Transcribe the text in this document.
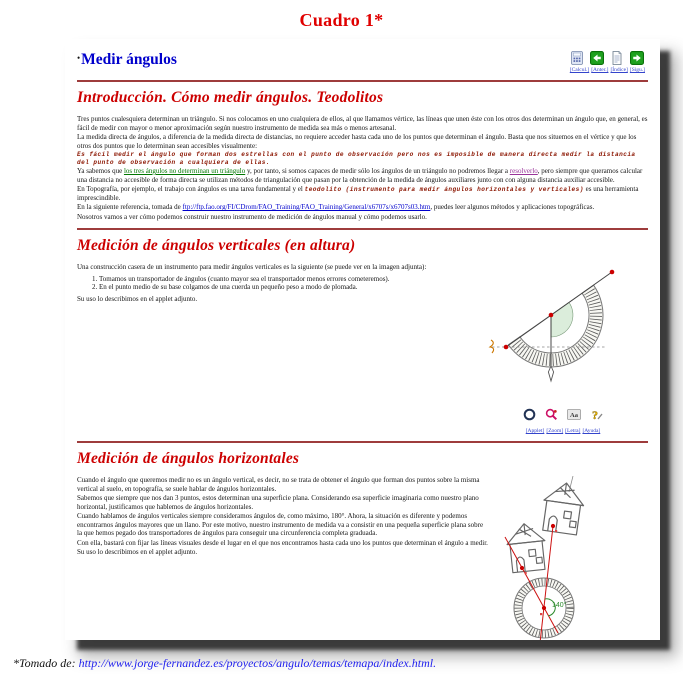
Cuadro 1*
•Medir ángulos
[Calcul.] [Anter.] [Índice] [Sigu.]
Introducción. Cómo medir ángulos. Teodolitos

Tres puntos cualesquiera determinan un triángulo. Si nos colocamos en uno cualquiera de ellos, al que llamamos vértice, las líneas que unen éste con los otros dos determinan un ángulo que, en general, es fácil de medir con mayor o menor aproximación según nuestro instrumento de medida sea más o menos artesanal.

La medida directa de ángulos, a diferencia de la medida directa de distancias, no requiere acceder hasta cada uno de los puntos que determinan el ángulo. Basta que nos situemos en el vértice y que los otros dos puntos que lo determinan sean accesibles visualmente:

Es fácil medir el ángulo que forman dos estrellas con el punto de observación pero nos es imposible de manera directa medir la distancia del punto de observación a cualquiera de ellas.

Ya sabemos que los tres ángulos no determinan un triángulo y, por tanto, si somos capaces de medir sólo los ángulos de un triángulo no podremos llegar a resolverlo, pero siempre que queramos calcular una distancia no accesible de forma directa se utilizan métodos de triangulación que pasan por la obtención de la medida de ángulos auxiliares junto con con alguna distancia auxiliar accesible.

En Topografía, por ejemplo, el trabajo con ángulos es una tarea fundamental y el teodolito (instrumento para medir ángulos horizontales y verticales) es una herramienta imprescindible.

En la siguiente referencia, tomada de ftp://ftp.fao.org/FI/CDrom/FAO_Training/FAO_Training/General/x6707s/x6707s03.htm, puedes leer algunos métodos y aplicaciones topográficas.

Nosotros vamos a ver cómo podemos construir nuestro instrumento de medición de ángulos manual y cómo podemos usarlo.

Medición de ángulos verticales (en altura)

Una construcción casera de un instrumento para medir ángulos verticales es la siguiente (se puede ver en la imagen adjunta):

1. Tomamos un transportador de ángulos (cuanto mayor sea el transportador menos errores cometeremos).
2. En el punto medio de su base colgamos de una cuerda un pequeño peso a modo de plomada.

Su uso lo describimos en el applet adjunto.

Aa ?
[Applet] [Zoom] [Letra] [Ayuda]
Medición de ángulos horizontales

Cuando el ángulo que queremos medir no es un ángulo vertical, es decir, no se trata de obtener el ángulo que forman dos puntos sobre la misma vertical al suelo, en topografía, se suele hablar de ángulos horizontales.

Sabemos que siempre que nos dan 3 puntos, estos determinan una superficie plana. Considerando esa superficie imaginaria como nuestro plano horizontal, justificamos que hablemos de ángulos horizontales.

Cuando hablamos de ángulos verticales siempre consideramos ángulos de, como máximo, 180°. Ahora, la situación es diferente y podemos encontrarnos ángulos mayores que un llano. Por este motivo, nuestro instrumento de medida va a consistir en una pequeña superficie plana sobre la que hemos pegado dos transportadores de ángulos para conseguir una circunferencia completa graduada.

Con ella, bastará con fijar las líneas visuales desde el lugar en el que nos encontramos hasta cada uno los puntos que determinan el ángulo a medir.

Su uso lo describimos en el applet adjunto.

140°
*Tomado de: http://www.jorge-fernandez.es/proyectos/angulo/temas/temapa/index.html.
